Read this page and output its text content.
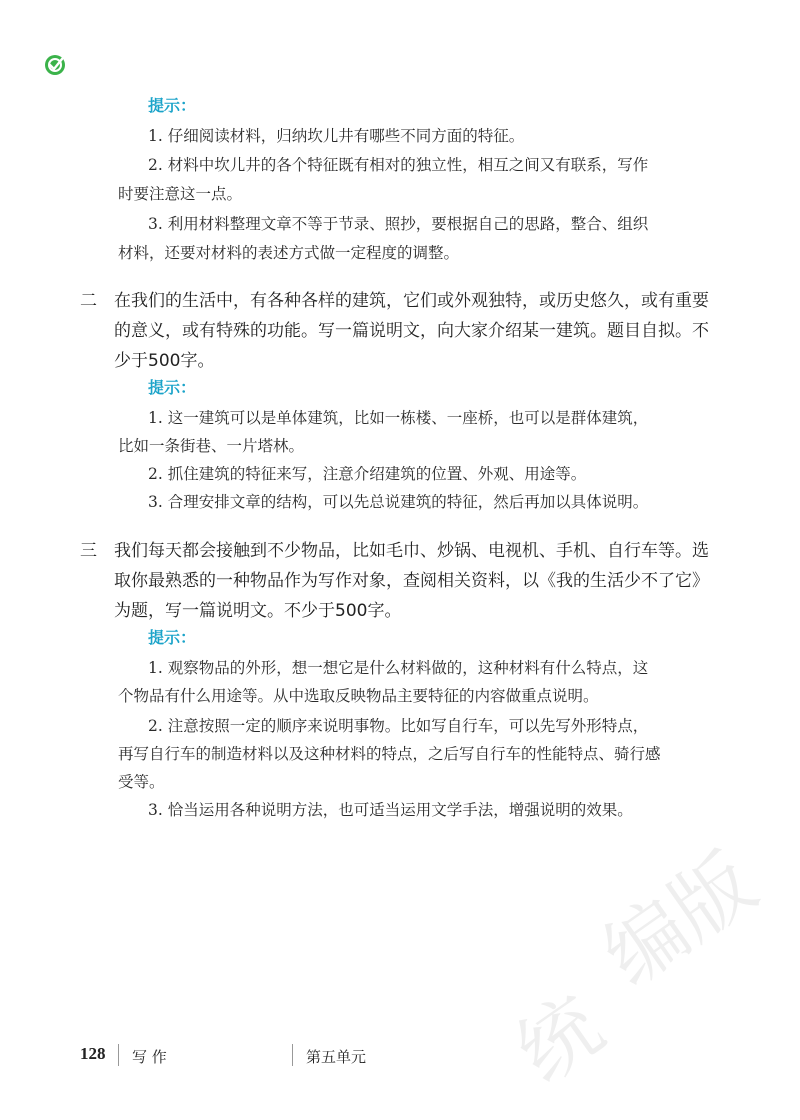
统
编版
提示：
1. 仔细阅读材料，归纳坎儿井有哪些不同方面的特征。
2. 材料中坎儿井的各个特征既有相对的独立性，相互之间又有联系，写作
时要注意这一点。
3. 利用材料整理文章不等于节录、照抄，要根据自己的思路，整合、组织
材料，还要对材料的表述方式做一定程度的调整。
二 在我们的生活中，有各种各样的建筑，它们或外观独特，或历史悠久，或有重要
的意义，或有特殊的功能。写一篇说明文，向大家介绍某一建筑。题目自拟。不
少于500字。
提示：
1. 这一建筑可以是单体建筑，比如一栋楼、一座桥，也可以是群体建筑，
比如一条街巷、一片塔林。
2. 抓住建筑的特征来写，注意介绍建筑的位置、外观、用途等。
3. 合理安排文章的结构，可以先总说建筑的特征，然后再加以具体说明。
三 我们每天都会接触到不少物品，比如毛巾、炒锅、电视机、手机、自行车等。选
取你最熟悉的一种物品作为写作对象，查阅相关资料，以《我的生活少不了它》
为题，写一篇说明文。不少于500字。
提示：
1. 观察物品的外形，想一想它是什么材料做的，这种材料有什么特点，这
个物品有什么用途等。从中选取反映物品主要特征的内容做重点说明。
2. 注意按照一定的顺序来说明事物。比如写自行车，可以先写外形特点，
再写自行车的制造材料以及这种材料的特点，之后写自行车的性能特点、骑行感
受等。
3. 恰当运用各种说明方法，也可适当运用文学手法，增强说明的效果。
128 写 作	第五单元
